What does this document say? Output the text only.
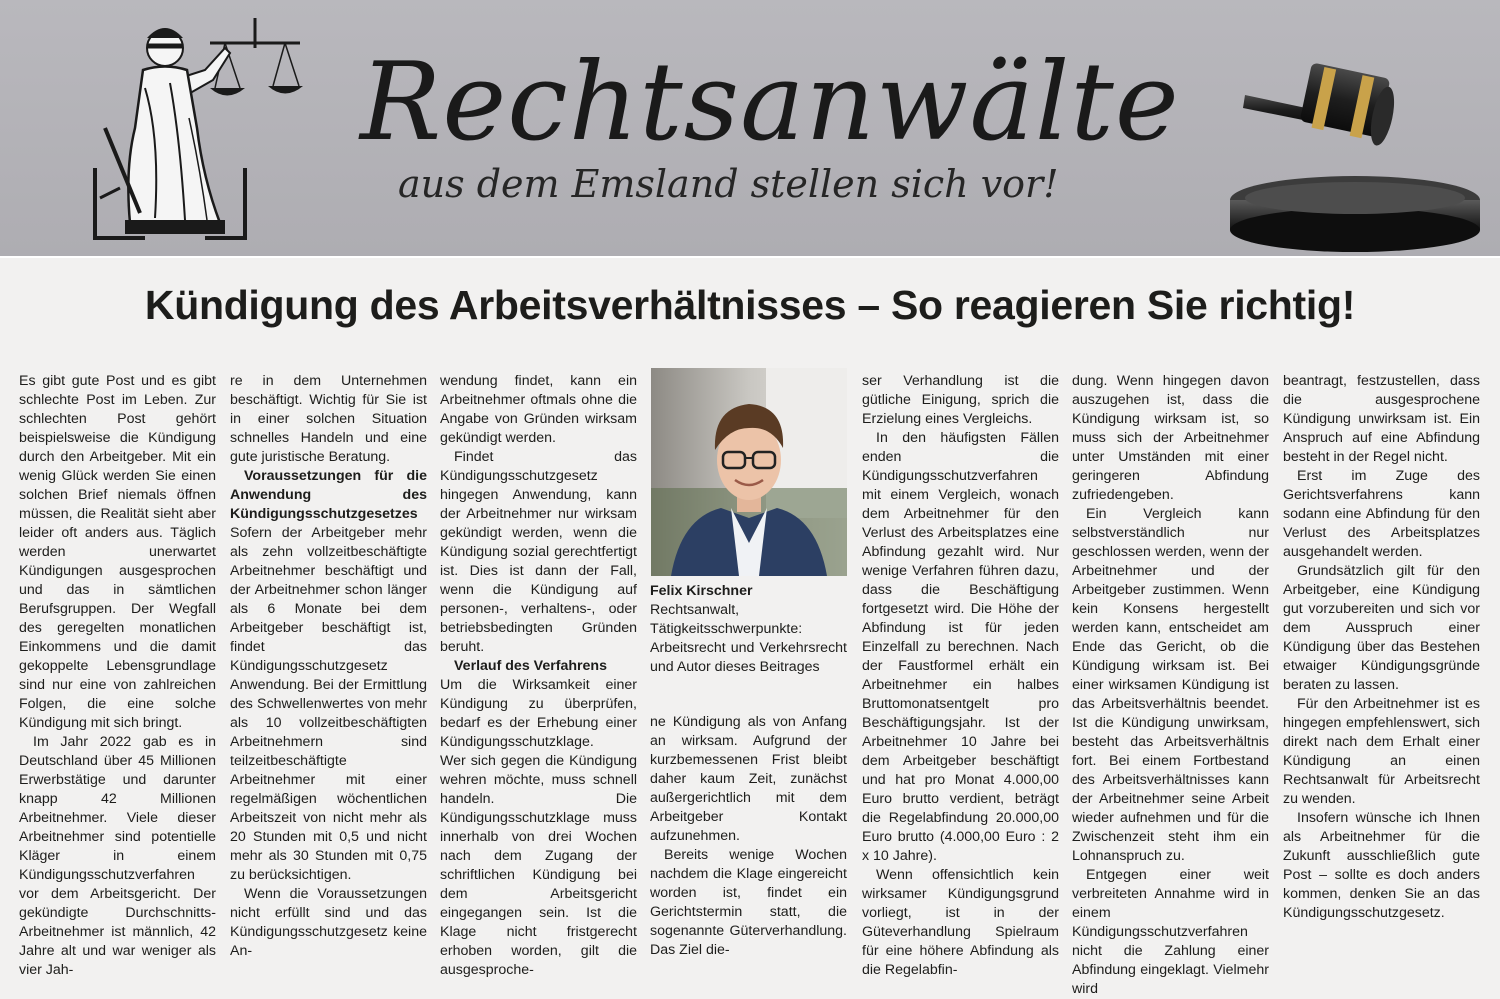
Rechtsanwälte
aus dem Emsland stellen sich vor!
Kündigung des Arbeitsverhältnisses – So reagieren Sie richtig!

Es gibt gute Post und es gibt schlechte Post im Leben. Zur schlechten Post gehört beispielsweise die Kündigung durch den Arbeitgeber. Mit ein wenig Glück werden Sie einen solchen Brief niemals öffnen müssen, die Realität sieht aber leider oft anders aus. Täglich werden unerwartet Kündigungen ausgesprochen und das in sämtlichen Berufsgruppen. Der Wegfall des geregelten monatlichen Einkommens und die damit gekoppelte Lebensgrundlage sind nur eine von zahlreichen Folgen, die eine solche Kündigung mit sich bringt.

Im Jahr 2022 gab es in Deutschland über 45 Millionen Erwerbstätige und darunter knapp 42 Millionen Arbeitnehmer. Viele dieser Arbeitnehmer sind potentielle Kläger in einem Kündigungsschutzverfahren vor dem Arbeitsgericht. Der gekündigte Durchschnitts-Arbeitnehmer ist männlich, 42 Jahre alt und war weniger als vier Jah-

re in dem Unternehmen beschäftigt. Wichtig für Sie ist in einer solchen Situation schnelles Handeln und eine gute juristische Beratung.

Voraussetzungen für die Anwendung des Kündigungsschutzgesetzes

Sofern der Arbeitgeber mehr als zehn vollzeitbeschäftigte Arbeitnehmer beschäftigt und der Arbeitnehmer schon länger als 6 Monate bei dem Arbeitgeber beschäftigt ist, findet das Kündigungsschutzgesetz Anwendung. Bei der Ermittlung des Schwellenwertes von mehr als 10 vollzeitbeschäftigten Arbeitnehmern sind teilzeitbeschäftigte Arbeitnehmer mit einer regelmäßigen wöchentlichen Arbeitszeit von nicht mehr als 20 Stunden mit 0,5 und nicht mehr als 30 Stunden mit 0,75 zu berücksichtigen.

Wenn die Voraussetzungen nicht erfüllt sind und das Kündigungsschutzgesetz keine An-

wendung findet, kann ein Arbeitnehmer oftmals ohne die Angabe von Gründen wirksam gekündigt werden.

Findet das Kündigungsschutzgesetz hingegen Anwendung, kann der Arbeitnehmer nur wirksam gekündigt werden, wenn die Kündigung sozial gerechtfertigt ist. Dies ist dann der Fall, wenn die Kündigung auf personen-, verhaltens-, oder betriebsbedingten Gründen beruht.

Verlauf des Verfahrens

Um die Wirksamkeit einer Kündigung zu überprüfen, bedarf es der Erhebung einer Kündigungsschutzklage.

Wer sich gegen die Kündigung wehren möchte, muss schnell handeln. Die Kündigungsschutzklage muss innerhalb von drei Wochen nach dem Zugang der schriftlichen Kündigung bei dem Arbeitsgericht eingegangen sein. Ist die Klage nicht fristgerecht erhoben worden, gilt die ausgesproche-

Felix Kirschner
Rechtsanwalt, Tätigkeitsschwerpunkte: Arbeitsrecht und Verkehrsrecht und Autor dieses Beitrages

ne Kündigung als von Anfang an wirksam. Aufgrund der kurzbemessenen Frist bleibt daher kaum Zeit, zunächst außergerichtlich mit dem Arbeitgeber Kontakt aufzunehmen.

Bereits wenige Wochen nachdem die Klage eingereicht worden ist, findet ein Gerichtstermin statt, die sogenannte Güterverhandlung. Das Ziel die-

ser Verhandlung ist die gütliche Einigung, sprich die Erzielung eines Vergleichs.

In den häufigsten Fällen enden die Kündigungsschutzverfahren mit einem Vergleich, wonach dem Arbeitnehmer für den Verlust des Arbeitsplatzes eine Abfindung gezahlt wird. Nur wenige Verfahren führen dazu, dass die Beschäftigung fortgesetzt wird. Die Höhe der Abfindung ist für jeden Einzelfall zu berechnen. Nach der Faustformel erhält ein Arbeitnehmer ein halbes Bruttomonatsentgelt pro Beschäftigungsjahr. Ist der Arbeitnehmer 10 Jahre bei dem Arbeitgeber beschäftigt und hat pro Monat 4.000,00 Euro brutto verdient, beträgt die Regelabfindung 20.000,00 Euro brutto (4.000,00 Euro : 2 x 10 Jahre).

Wenn offensichtlich kein wirksamer Kündigungsgrund vorliegt, ist in der Güteverhandlung Spielraum für eine höhere Abfindung als die Regelabfin-

dung. Wenn hingegen davon auszugehen ist, dass die Kündigung wirksam ist, so muss sich der Arbeitnehmer unter Umständen mit einer geringeren Abfindung zufriedengeben.

Ein Vergleich kann selbstverständlich nur geschlossen werden, wenn der Arbeitnehmer und der Arbeitgeber zustimmen. Wenn kein Konsens hergestellt werden kann, entscheidet am Ende das Gericht, ob die Kündigung wirksam ist. Bei einer wirksamen Kündigung ist das Arbeitsverhältnis beendet. Ist die Kündigung unwirksam, besteht das Arbeitsverhältnis fort. Bei einem Fortbestand des Arbeitsverhältnisses kann der Arbeitnehmer seine Arbeit wieder aufnehmen und für die Zwischenzeit steht ihm ein Lohnanspruch zu.

Entgegen einer weit verbreiteten Annahme wird in einem Kündigungsschutzverfahren nicht die Zahlung einer Abfindung eingeklagt. Vielmehr wird

beantragt, festzustellen, dass die ausgesprochene Kündigung unwirksam ist. Ein Anspruch auf eine Abfindung besteht in der Regel nicht.

Erst im Zuge des Gerichtsverfahrens kann sodann eine Abfindung für den Verlust des Arbeitsplatzes ausgehandelt werden.

Grundsätzlich gilt für den Arbeitgeber, eine Kündigung gut vorzubereiten und sich vor dem Ausspruch einer Kündigung über das Bestehen etwaiger Kündigungsgründe beraten zu lassen.

Für den Arbeitnehmer ist es hingegen empfehlenswert, sich direkt nach dem Erhalt einer Kündigung an einen Rechtsanwalt für Arbeitsrecht zu wenden.

Insofern wünsche ich Ihnen als Arbeitnehmer für die Zukunft ausschließlich gute Post – sollte es doch anders kommen, denken Sie an das Kündigungsschutzgesetz.
